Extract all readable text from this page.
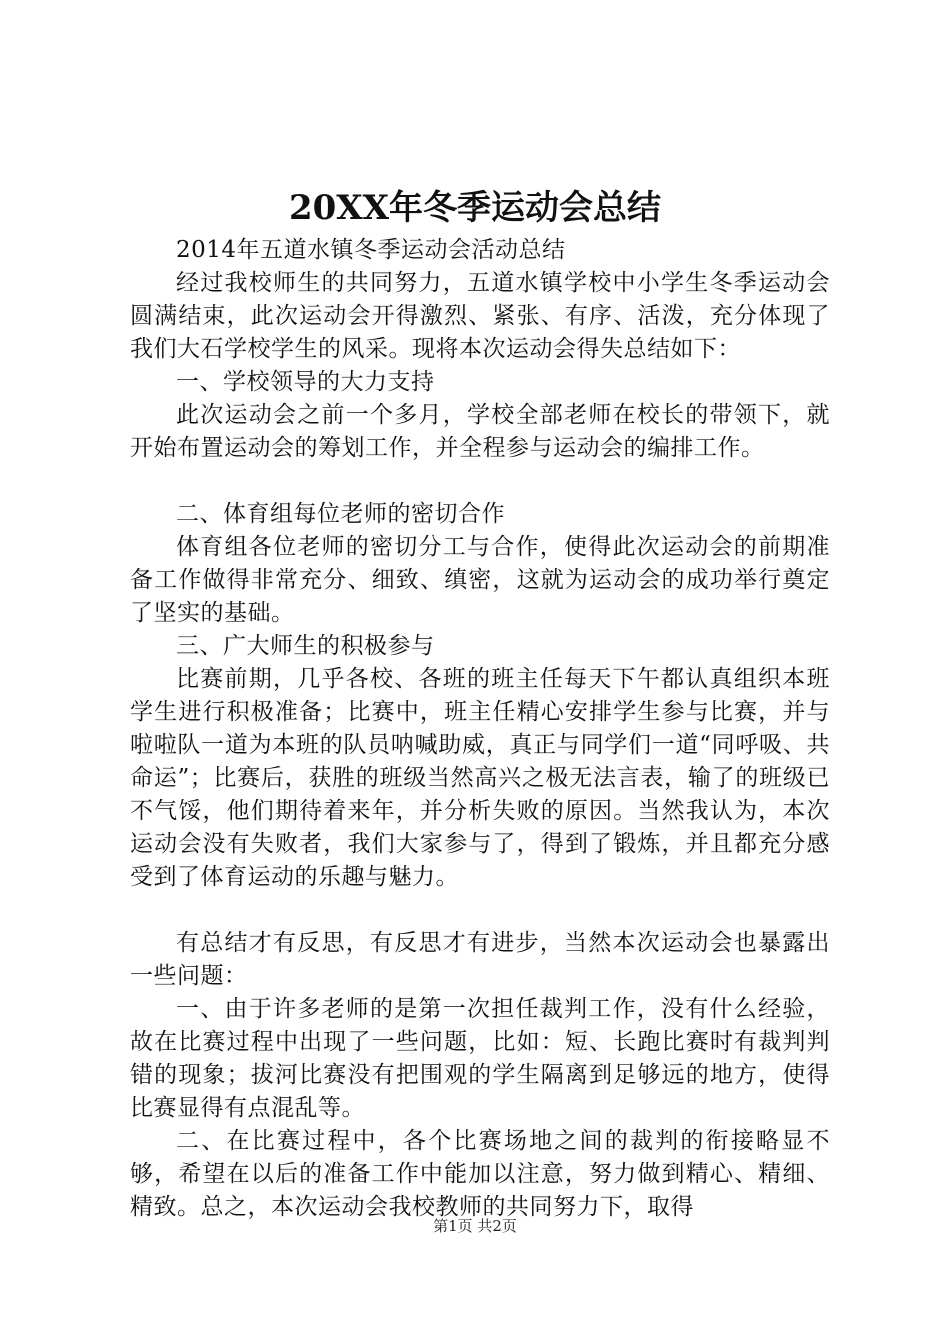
20XX年冬季运动会总结

2014年五道水镇冬季运动会活动总结

经过我校师生的共同努力，五道水镇学校中小学生冬季运动会圆满结束，此次运动会开得激烈、紧张、有序、活泼，充分体现了我们大石学校学生的风采。现将本次运动会得失总结如下：

一、学校领导的大力支持

此次运动会之前一个多月，学校全部老师在校长的带领下，就开始布置运动会的筹划工作，并全程参与运动会的编排工作。

二、体育组每位老师的密切合作

体育组各位老师的密切分工与合作，使得此次运动会的前期准备工作做得非常充分、细致、缜密，这就为运动会的成功举行奠定了坚实的基础。

三、广大师生的积极参与

比赛前期，几乎各校、各班的班主任每天下午都认真组织本班学生进行积极准备；比赛中，班主任精心安排学生参与比赛，并与啦啦队一道为本班的队员呐喊助威，真正与同学们一道“同呼吸、共命运”；比赛后，获胜的班级当然高兴之极无法言表，输了的班级已不气馁，他们期待着来年，并分析失败的原因。当然我认为，本次运动会没有失败者，我们大家参与了，得到了锻炼，并且都充分感受到了体育运动的乐趣与魅力。

有总结才有反思，有反思才有进步，当然本次运动会也暴露出一些问题：

一、由于许多老师的是第一次担任裁判工作，没有什么经验，故在比赛过程中出现了一些问题，比如：短、长跑比赛时有裁判判错的现象；拔河比赛没有把围观的学生隔离到足够远的地方，使得比赛显得有点混乱等。

二、在比赛过程中，各个比赛场地之间的裁判的衔接略显不够，希望在以后的准备工作中能加以注意，努力做到精心、精细、精致。总之，本次运动会我校教师的共同努力下，取得

第1页 共2页
